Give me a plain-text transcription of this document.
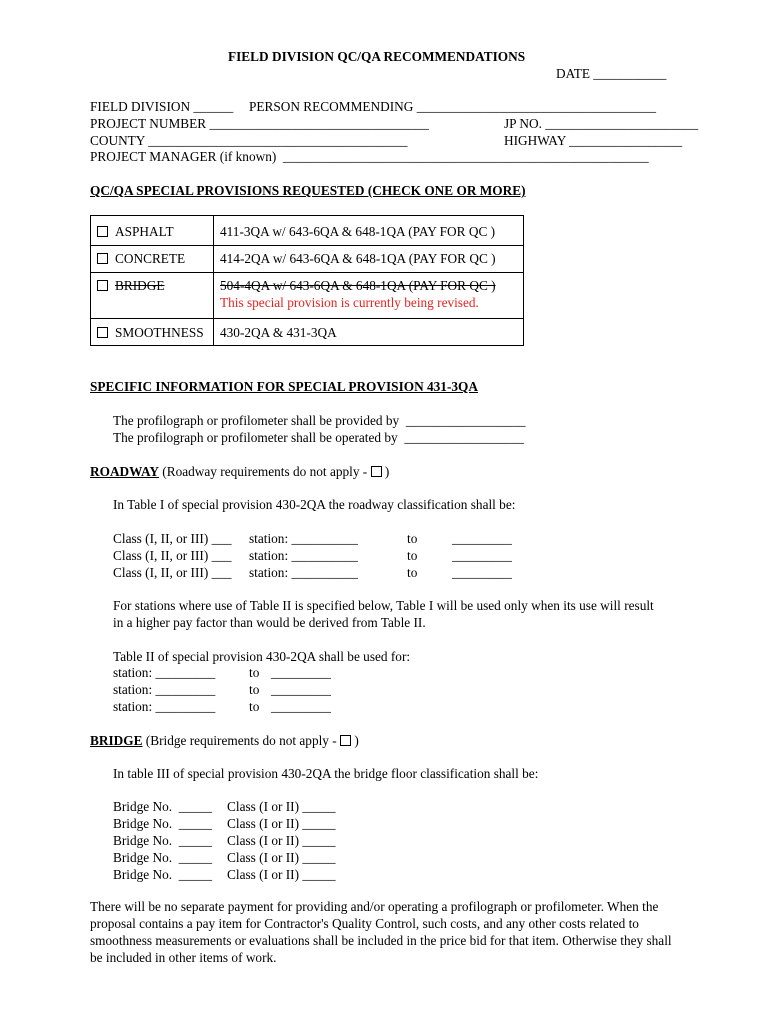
FIELD DIVISION QC/QA RECOMMENDATIONS
DATE ___________
FIELD DIVISION ______ PERSON RECOMMENDING ____________________________________
PROJECT NUMBER _________________________________	JP NO. _______________________
COUNTY _______________________________________	HIGHWAY _________________
PROJECT MANAGER (if known)  _______________________________________________________
QC/QA SPECIAL PROVISIONS REQUESTED (CHECK ONE OR MORE)
ASPHALT	411-3QA w/ 643-6QA & 648-1QA (PAY FOR QC )
CONCRETE	414-2QA w/ 643-6QA & 648-1QA (PAY FOR QC )
BRIDGE	504-4QA w/ 643-6QA & 648-1QA (PAY FOR QC )
This special provision is currently being revised.
SMOOTHNESS	430-2QA & 431-3QA
SPECIFIC INFORMATION FOR SPECIAL PROVISION 431-3QA
The profilograph or profilometer shall be provided by  __________________
The profilograph or profilometer shall be operated by  __________________
ROADWAY (Roadway requirements do not apply -  )
In Table I of special provision 430-2QA the roadway classification shall be:
Class (I, II, or III) ___ station: __________	to	_________
Class (I, II, or III) ___ station: __________	to	_________
Class (I, II, or III) ___ station: __________	to	_________

For stations where use of Table II is specified below, Table I will be used only when its use will result in a higher pay factor than would be derived from Table II.

Table II of special provision 430-2QA shall be used for:
station: _________	to _________
station: _________	to _________
station: _________	to _________
BRIDGE (Bridge requirements do not apply -  )
In table III of special provision 430-2QA the bridge floor classification shall be:
Bridge No.  _____ Class (I or II) _____
Bridge No.  _____ Class (I or II) _____
Bridge No.  _____ Class (I or II) _____
Bridge No.  _____ Class (I or II) _____
Bridge No.  _____ Class (I or II) _____

There will be no separate payment for providing and/or operating a profilograph or profilometer. When the proposal contains a pay item for Contractor's Quality Control, such costs, and any other costs related to smoothness measurements or evaluations shall be included in the price bid for that item. Otherwise they shall be included in other items of work.
